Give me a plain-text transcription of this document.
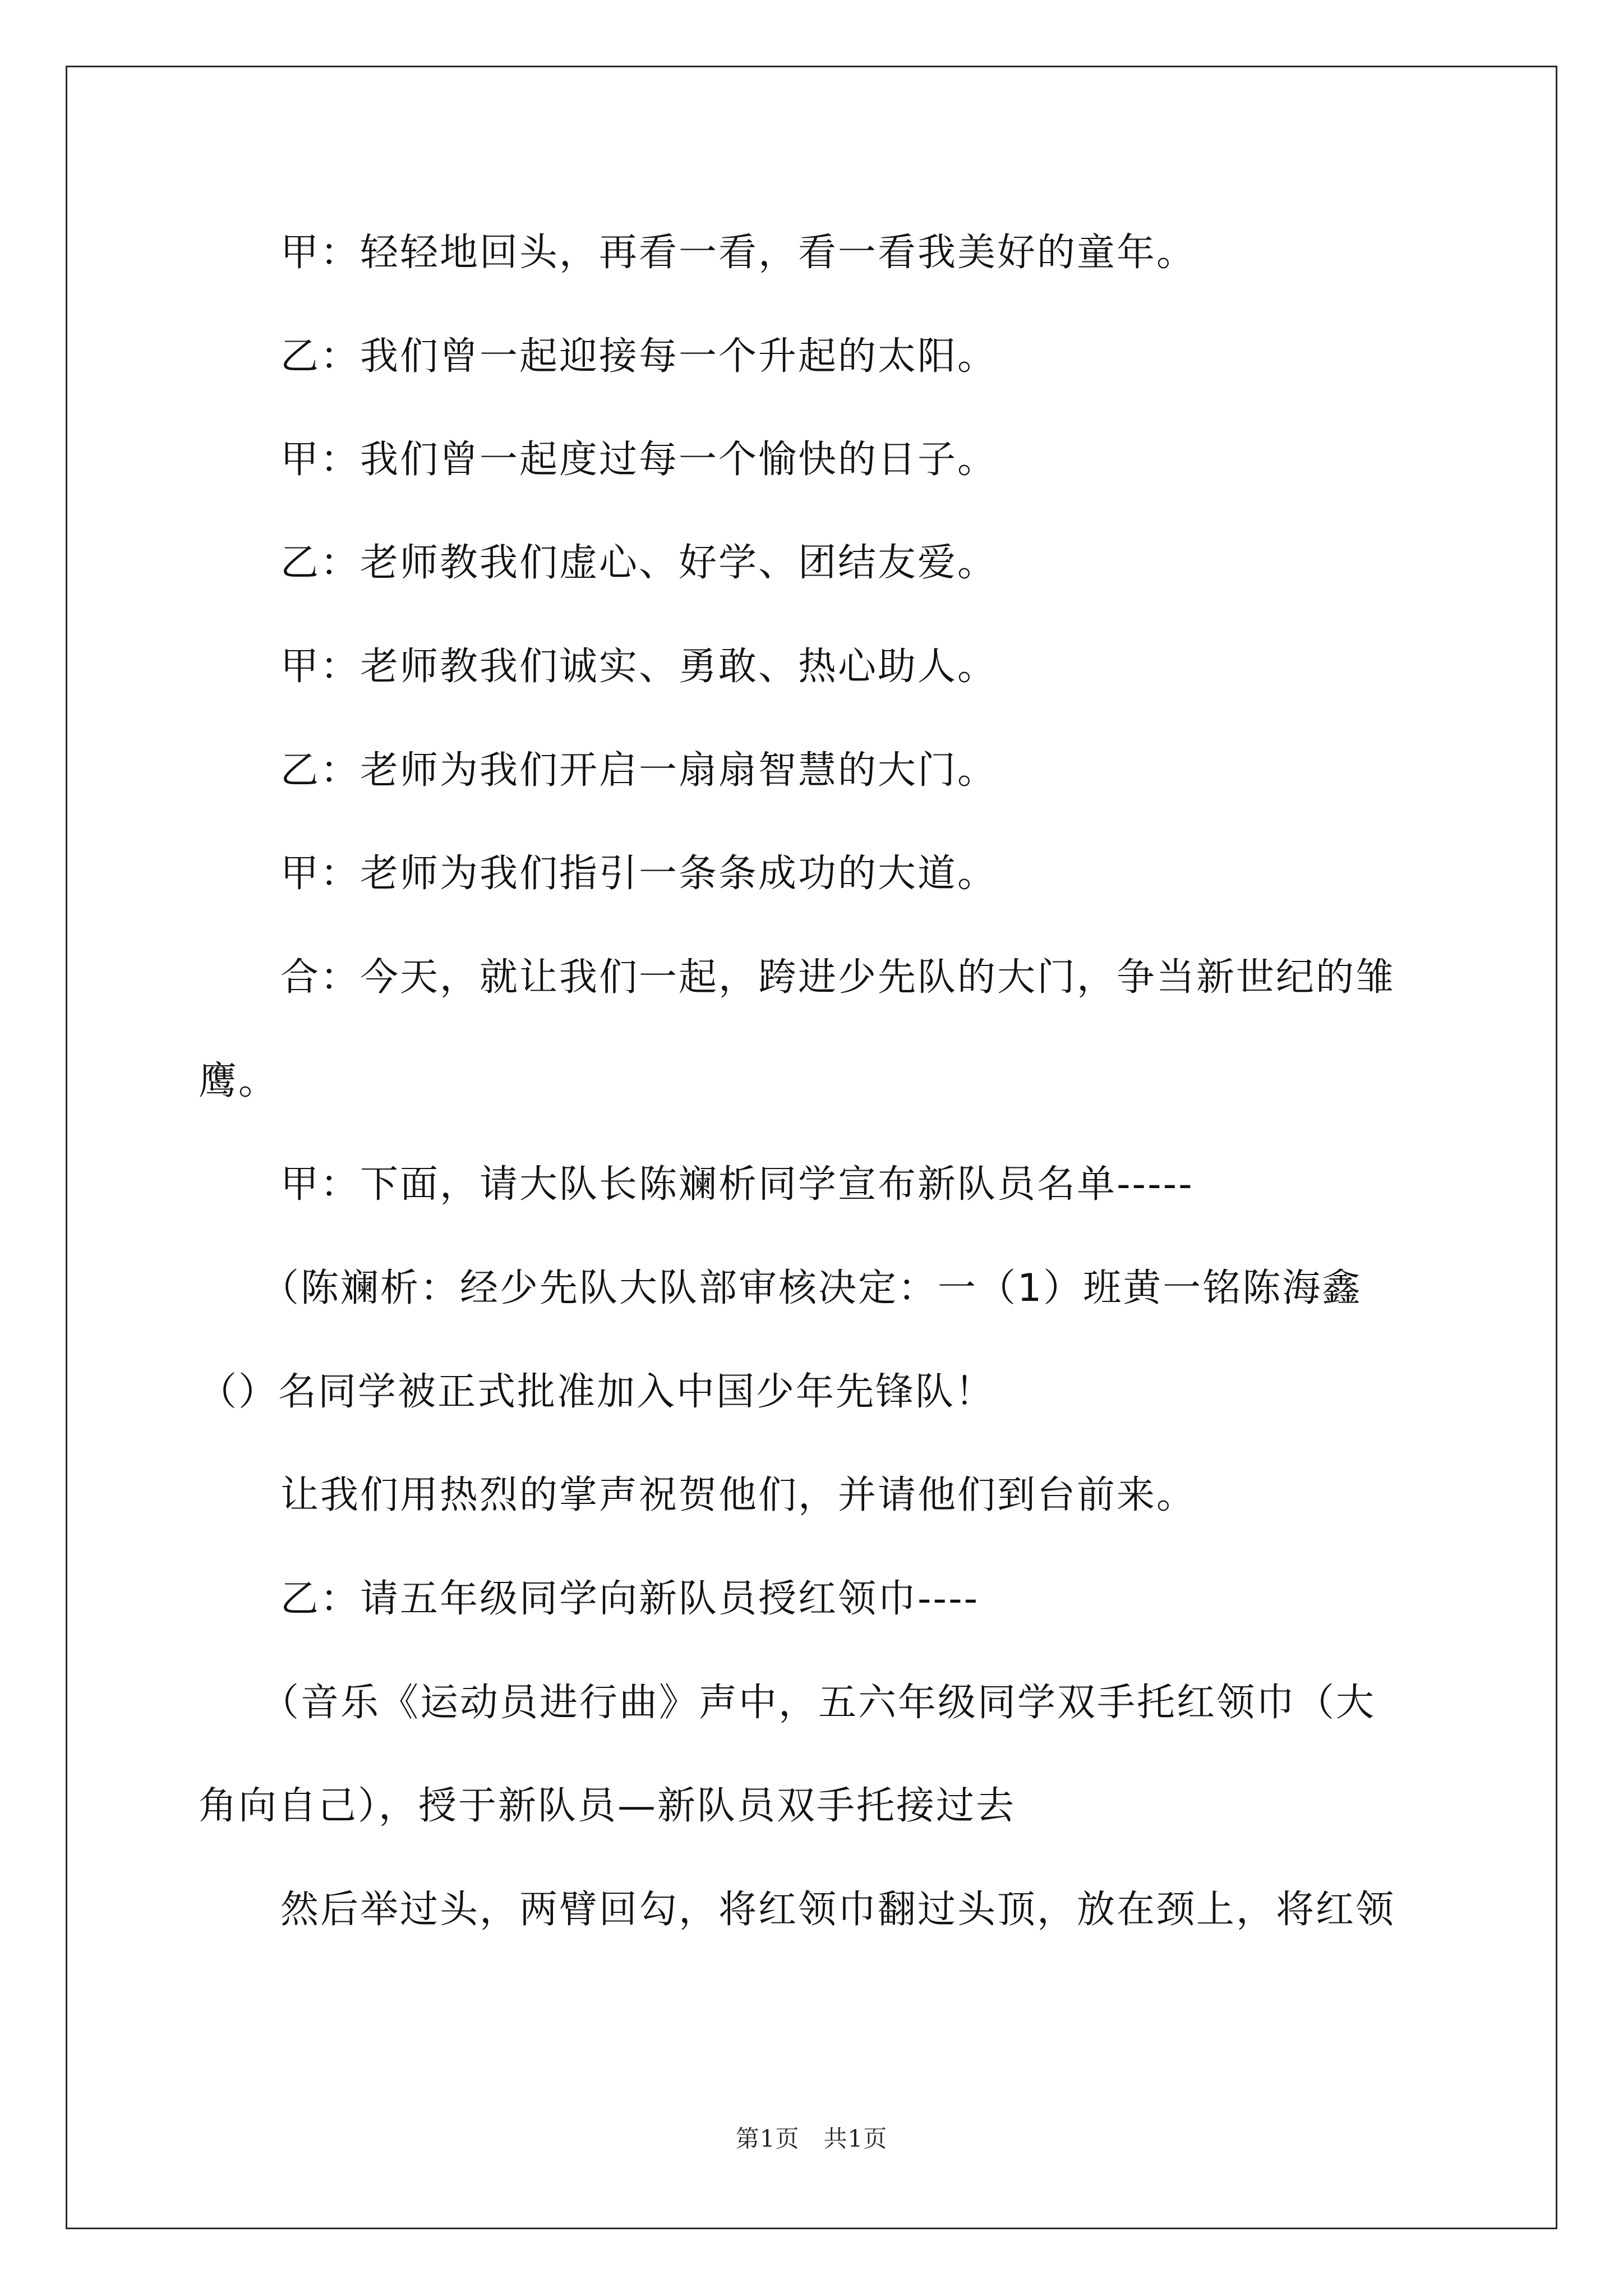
甲：轻轻地回头，再看一看，看一看我美好的童年。
乙：我们曾一起迎接每一个升起的太阳。
甲：我们曾一起度过每一个愉快的日子。
乙：老师教我们虚心、好学、团结友爱。
甲：老师教我们诚实、勇敢、热心助人。
乙：老师为我们开启一扇扇智慧的大门。
甲：老师为我们指引一条条成功的大道。
合：今天，就让我们一起，跨进少先队的大门，争当新世纪的雏
鹰。
甲：下面，请大队长陈斓析同学宣布新队员名单-----
（陈斓析：经少先队大队部审核决定：一（1）班黄一铭陈海鑫
（）名同学被正式批准加入中国少年先锋队！
让我们用热烈的掌声祝贺他们，并请他们到台前来。
乙：请五年级同学向新队员授红领巾----
（音乐《运动员进行曲》声中，五六年级同学双手托红领巾（大
角向自己），授于新队员—新队员双手托接过去
然后举过头，两臂回勾，将红领巾翻过头顶，放在颈上，将红领
第1页　共1页
